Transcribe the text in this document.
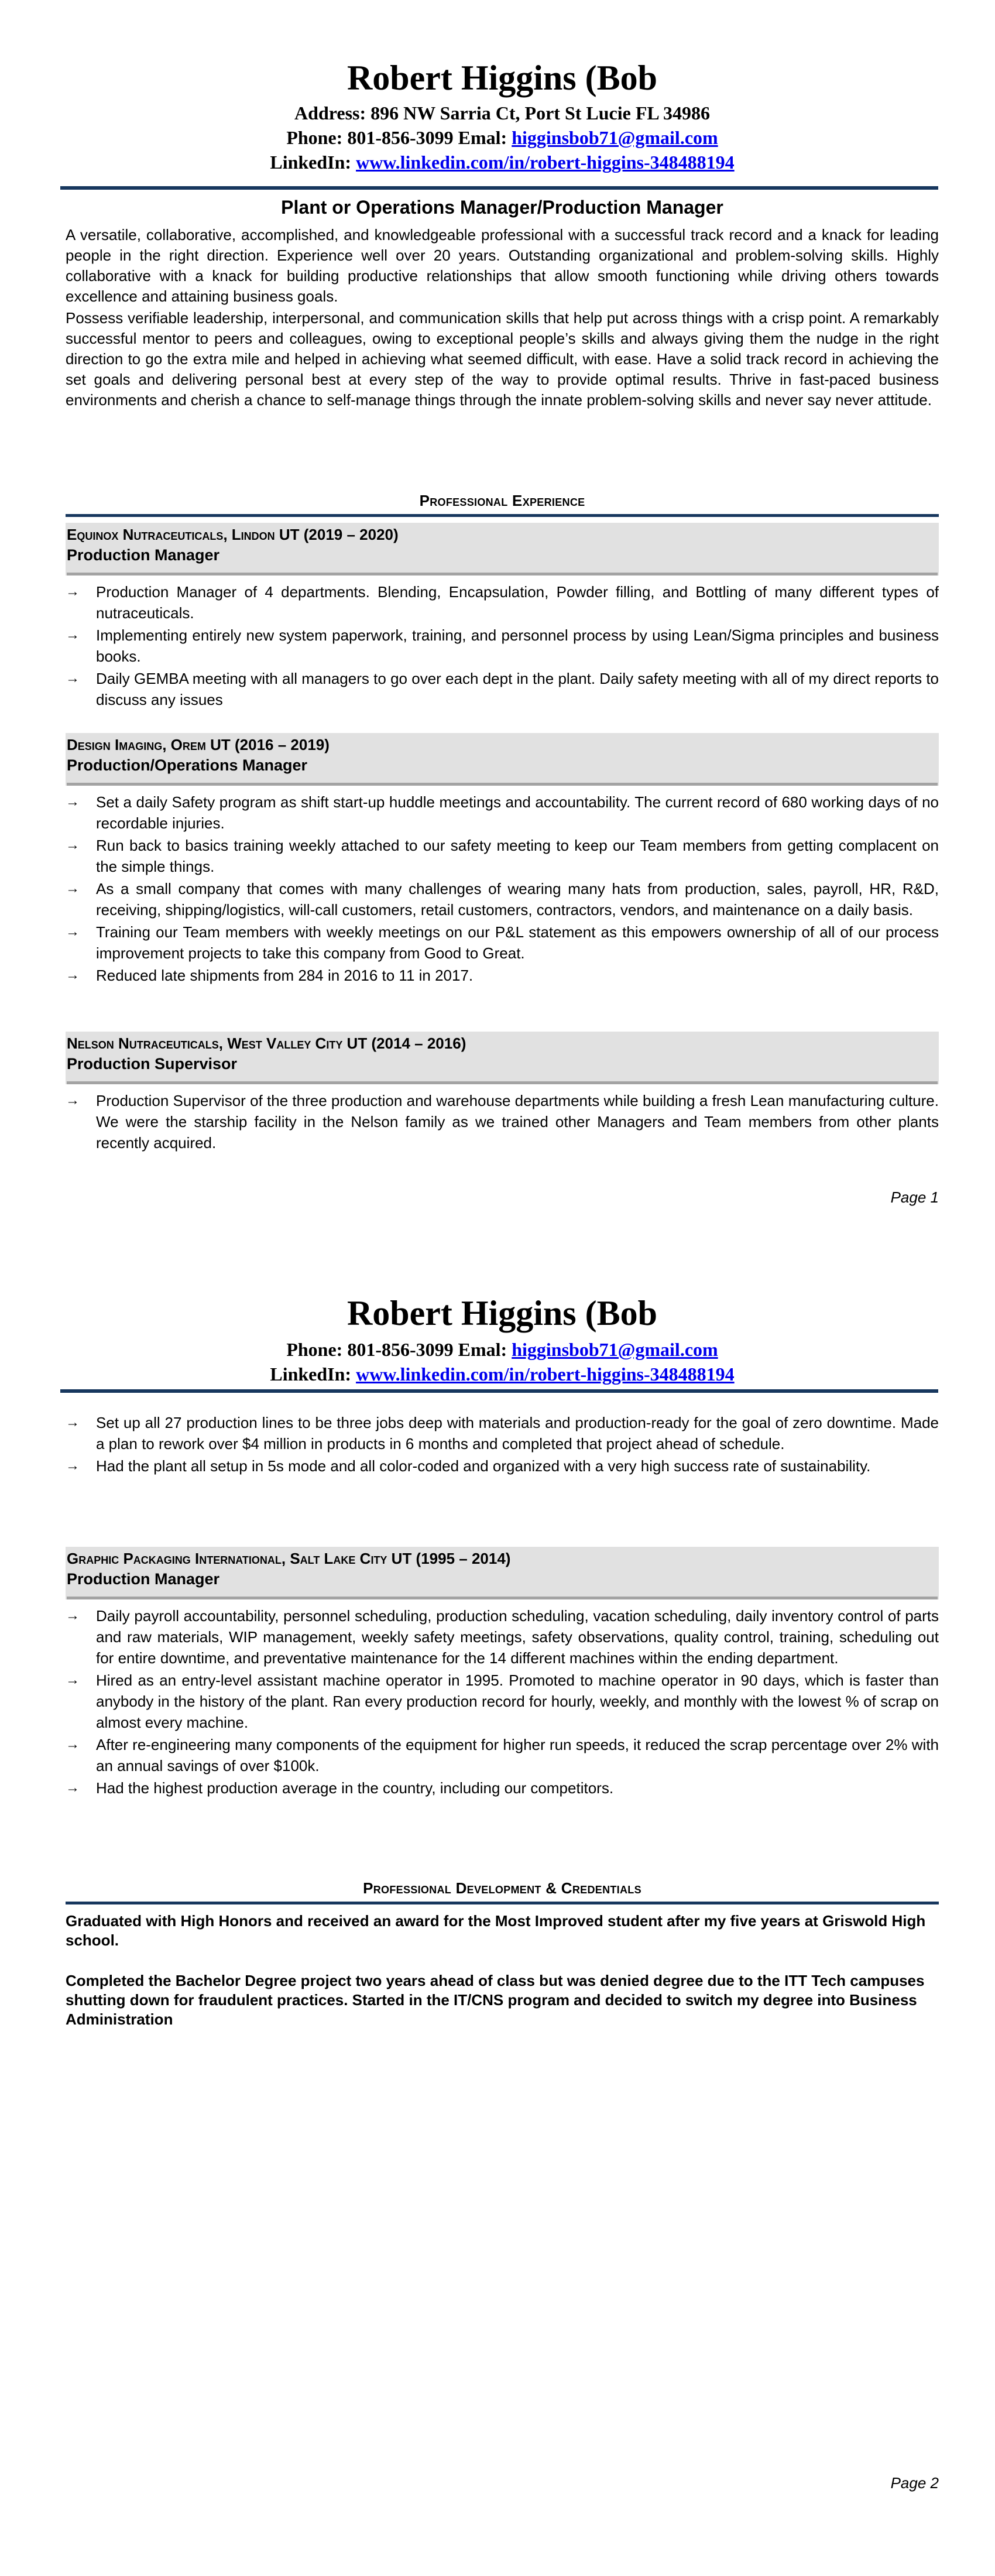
Robert Higgins (Bob
Address: 896 NW Sarria Ct, Port St Lucie FL 34986
Phone: 801-856-3099 Emal: higginsbob71@gmail.com
LinkedIn: www.linkedin.com/in/robert-higgins-348488194
Plant or Operations Manager/Production Manager

A versatile, collaborative, accomplished, and knowledgeable professional with a successful track record and a knack for leading people in the right direction. Experience well over 20 years. Outstanding organizational and problem-solving skills. Highly collaborative with a knack for building productive relationships that allow smooth functioning while driving others towards excellence and attaining business goals.

Possess verifiable leadership, interpersonal, and communication skills that help put across things with a crisp point. A remarkably successful mentor to peers and colleagues, owing to exceptional people’s skills and always giving them the nudge in the right direction to go the extra mile and helped in achieving what seemed difficult, with ease. Have a solid track record in achieving the set goals and delivering personal best at every step of the way to provide optimal results. Thrive in fast-paced business environments and cherish a chance to self-manage things through the innate problem-solving skills and never say never attitude.

Professional Experience
Equinox Nutraceuticals, Lindon UT (2019 – 2020)
Production Manager
→ Production Manager of 4 departments. Blending, Encapsulation, Powder filling, and Bottling of many different types of nutraceuticals.
→ Implementing entirely new system paperwork, training, and personnel process by using Lean/Sigma principles and business books.
→ Daily GEMBA meeting with all managers to go over each dept in the plant. Daily safety meeting with all of my direct reports to discuss any issues
Design Imaging, Orem UT (2016 – 2019)
Production/Operations Manager
→ Set a daily Safety program as shift start-up huddle meetings and accountability. The current record of 680 working days of no recordable injuries.
→ Run back to basics training weekly attached to our safety meeting to keep our Team members from getting complacent on the simple things.
→ As a small company that comes with many challenges of wearing many hats from production, sales, payroll, HR, R&D, receiving, shipping/logistics, will-call customers, retail customers, contractors, vendors, and maintenance on a daily basis.
→ Training our Team members with weekly meetings on our P&L statement as this empowers ownership of all of our process improvement projects to take this company from Good to Great.
→ Reduced late shipments from 284 in 2016 to 11 in 2017.
Nelson Nutraceuticals, West Valley City UT (2014 – 2016)
Production Supervisor
→ Production Supervisor of the three production and warehouse departments while building a fresh Lean manufacturing culture. We were the starship facility in the Nelson family as we trained other Managers and Team members from other plants recently acquired.
Page 1
Robert Higgins (Bob
Phone: 801-856-3099 Emal: higginsbob71@gmail.com
LinkedIn: www.linkedin.com/in/robert-higgins-348488194
→ Set up all 27 production lines to be three jobs deep with materials and production-ready for the goal of zero downtime. Made a plan to rework over $4 million in products in 6 months and completed that project ahead of schedule.
→ Had the plant all setup in 5s mode and all color-coded and organized with a very high success rate of sustainability.
Graphic Packaging International, Salt Lake City UT (1995 – 2014)
Production Manager
→ Daily payroll accountability, personnel scheduling, production scheduling, vacation scheduling, daily inventory control of parts and raw materials, WIP management, weekly safety meetings, safety observations, quality control, training, scheduling out for entire downtime, and preventative maintenance for the 14 different machines within the ending department.
→ Hired as an entry-level assistant machine operator in 1995. Promoted to machine operator in 90 days, which is faster than anybody in the history of the plant. Ran every production record for hourly, weekly, and monthly with the lowest % of scrap on almost every machine.
→ After re-engineering many components of the equipment for higher run speeds, it reduced the scrap percentage over 2% with an annual savings of over $100k.
→ Had the highest production average in the country, including our competitors.
Professional Development & Credentials

Graduated with High Honors and received an award for the Most Improved student after my five years at Griswold High school.

Completed the Bachelor Degree project two years ahead of class but was denied degree due to the ITT Tech campuses shutting down for fraudulent practices. Started in the IT/CNS program and decided to switch my degree into Business Administration

Page 2
